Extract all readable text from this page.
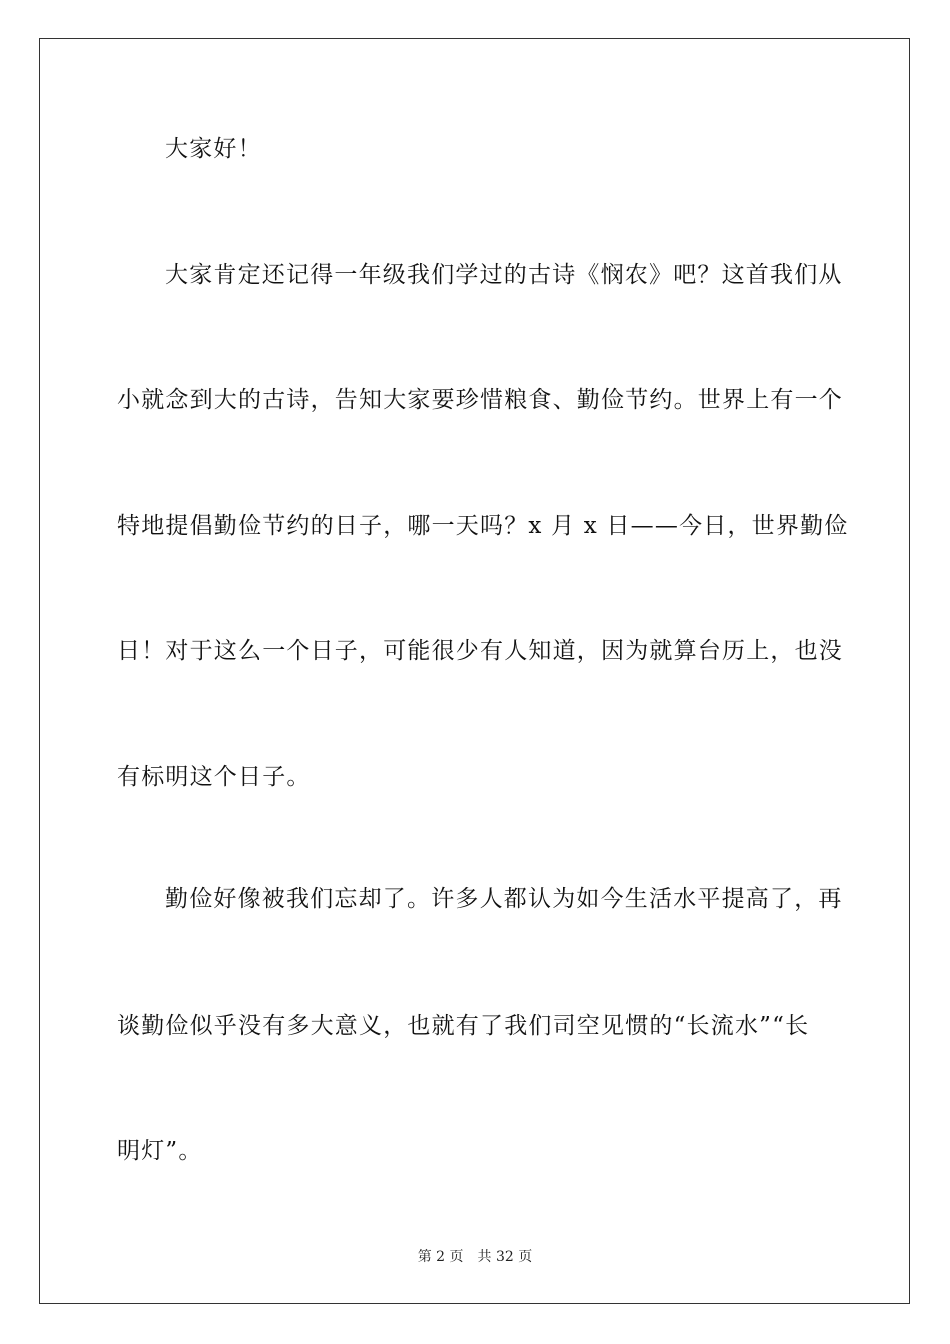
大家好！
大家肯定还记得一年级我们学过的古诗《悯农》吧？这首我们从
小就念到大的古诗，告知大家要珍惜粮食、勤俭节约。世界上有一个
特地提倡勤俭节约的日子，哪一天吗？x 月 x 日——今日，世界勤俭
日！对于这么一个日子，可能很少有人知道，因为就算台历上，也没
有标明这个日子。
勤俭好像被我们忘却了。许多人都认为如今生活水平提高了，再
谈勤俭似乎没有多大意义，也就有了我们司空见惯的“长流水”“长
明灯”。
第 2 页 共 32 页
